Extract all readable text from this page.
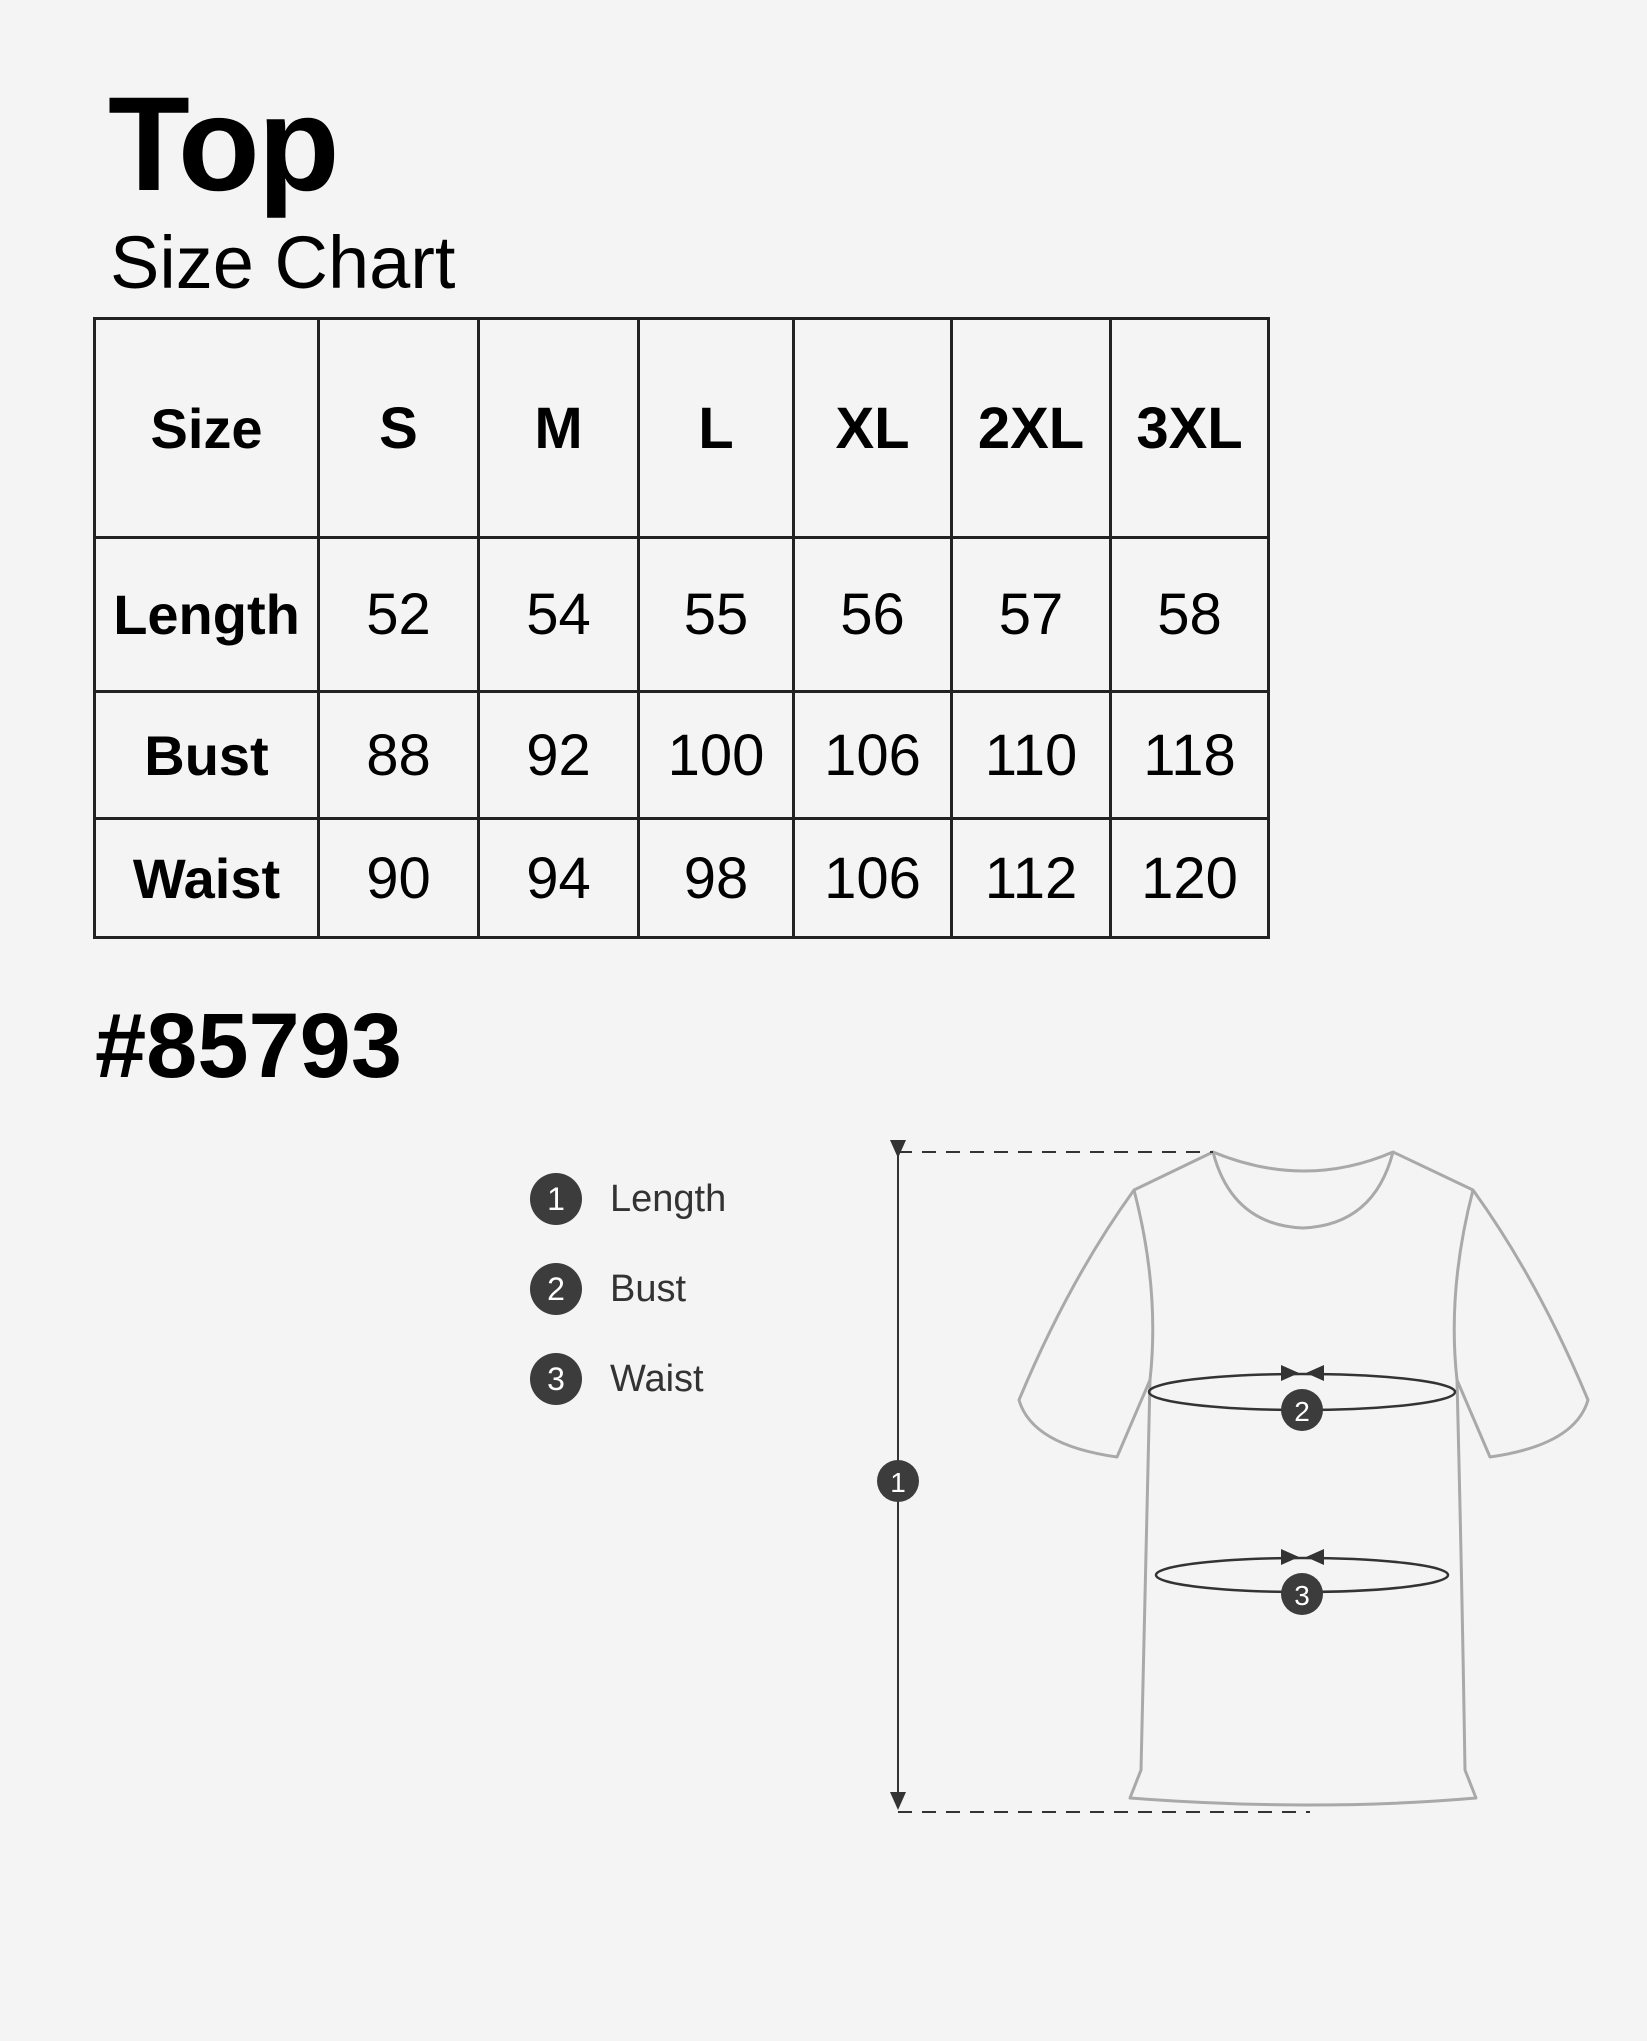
Top
Size Chart
Size	S	M	L	XL	2XL	3XL
Length	52	54	55	56	57	58
Bust	88	92	100	106	110	118
Waist	90	94	98	106	112	120
#85793
1	Length
2	Bust
3	Waist
1
2
3
